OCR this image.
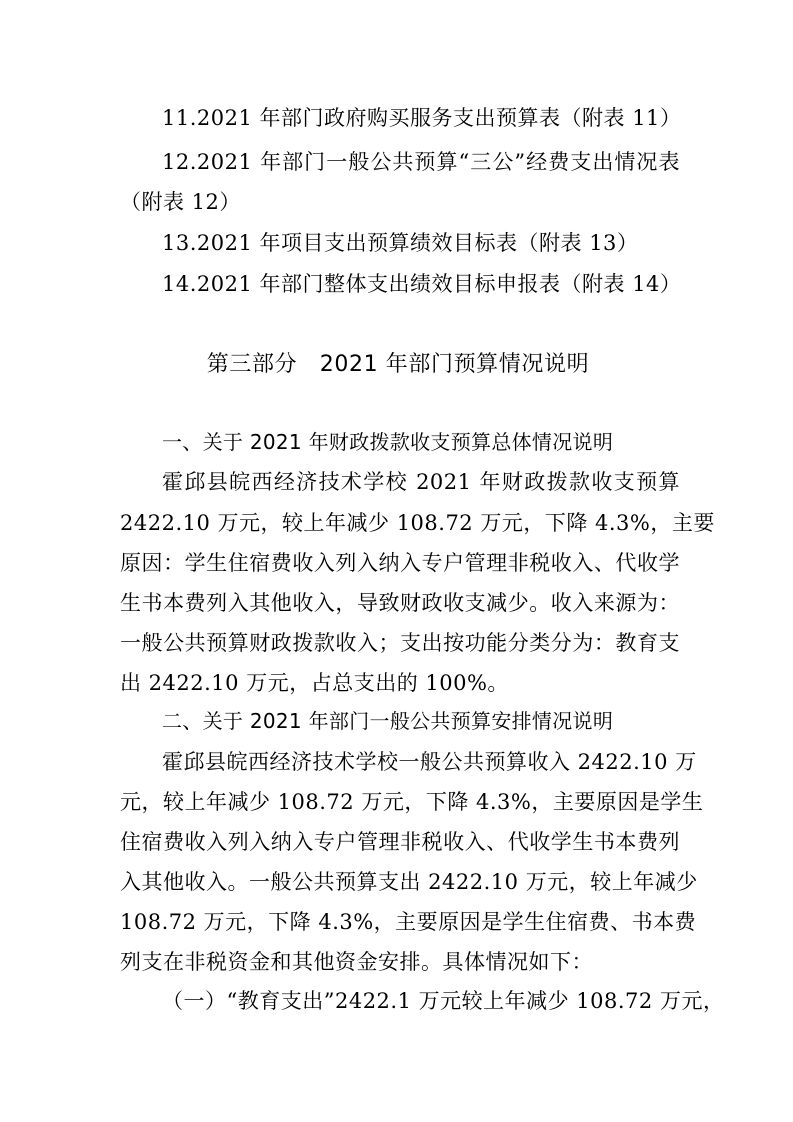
11.2021 年部门政府购买服务支出预算表（附表 11）
12.2021 年部门一般公共预算“三公”经费支出情况表
（附表 12）
13.2021 年项目支出预算绩效目标表（附表 13）
14.2021 年部门整体支出绩效目标申报表（附表 14）
第三部分　2021 年部门预算情况说明
一、关于 2021 年财政拨款收支预算总体情况说明
霍邱县皖西经济技术学校 2021 年财政拨款收支预算
2422.10 万元，较上年减少 108.72 万元，下降 4.3%，主要
原因：学生住宿费收入列入纳入专户管理非税收入、代收学
生书本费列入其他收入，导致财政收支减少。收入来源为：
一般公共预算财政拨款收入；支出按功能分类分为：教育支
出 2422.10 万元，占总支出的 100%。
二、关于 2021 年部门一般公共预算安排情况说明
霍邱县皖西经济技术学校一般公共预算收入 2422.10 万
元，较上年减少 108.72 万元，下降 4.3%，主要原因是学生
住宿费收入列入纳入专户管理非税收入、代收学生书本费列
入其他收入。一般公共预算支出 2422.10 万元，较上年减少
108.72 万元，下降 4.3%，主要原因是学生住宿费、书本费
列支在非税资金和其他资金安排。具体情况如下：
（一）“教育支出”2422.1 万元较上年减少 108.72 万元，
